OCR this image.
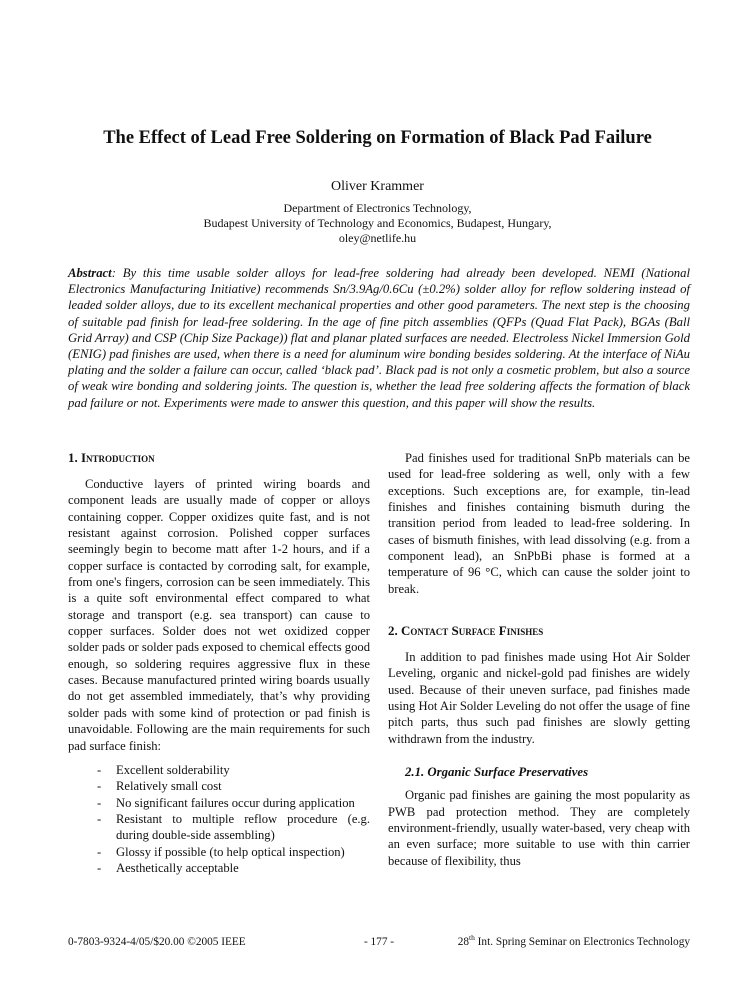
The Effect of Lead Free Soldering on Formation of Black Pad Failure
Oliver Krammer
Department of Electronics Technology,
Budapest University of Technology and Economics, Budapest, Hungary,
oley@netlife.hu

Abstract: By this time usable solder alloys for lead-free soldering had already been developed. NEMI (National Electronics Manufacturing Initiative) recommends Sn/3.9Ag/0.6Cu (±0.2%) solder alloy for reflow soldering instead of leaded solder alloys, due to its excellent mechanical properties and other good parameters. The next step is the choosing of suitable pad finish for lead-free soldering. In the age of fine pitch assemblies (QFPs (Quad Flat Pack), BGAs (Ball Grid Array) and CSP (Chip Size Package)) flat and planar plated surfaces are needed. Electroless Nickel Immersion Gold (ENIG) pad finishes are used, when there is a need for aluminum wire bonding besides soldering. At the interface of NiAu plating and the solder a failure can occur, called ‘black pad’. Black pad is not only a cosmetic problem, but also a source of weak wire bonding and soldering joints. The question is, whether the lead free soldering affects the formation of black pad failure or not. Experiments were made to answer this question, and this paper will show the results.

1. Introduction

Conductive layers of printed wiring boards and component leads are usually made of copper or alloys containing copper. Copper oxidizes quite fast, and is not resistant against corrosion. Polished copper surfaces seemingly begin to become matt after 1-2 hours, and if a copper surface is contacted by corroding salt, for example, from one's fingers, corrosion can be seen immediately. This is a quite soft environmental effect compared to what storage and transport (e.g. sea transport) can cause to copper surfaces. Solder does not wet oxidized copper solder pads or solder pads exposed to chemical effects good enough, so soldering requires aggressive flux in these cases. Because manufactured printed wiring boards usually do not get assembled immediately, that’s why providing solder pads with some kind of protection or pad finish is unavoidable. Following are the main requirements for such pad surface finish:

- Excellent solderability
- Relatively small cost
- No significant failures occur during application
- Resistant to multiple reflow procedure (e.g. during double-side assembling)
- Glossy if possible (to help optical inspection)
- Aesthetically acceptable

Pad finishes used for traditional SnPb materials can be used for lead-free soldering as well, only with a few exceptions. Such exceptions are, for example, tin-lead finishes and finishes containing bismuth during the transition period from leaded to lead-free soldering. In cases of bismuth finishes, with lead dissolving (e.g. from a component lead), an SnPbBi phase is formed at a temperature of 96 °C, which can cause the solder joint to break.

2. Contact Surface Finishes

In addition to pad finishes made using Hot Air Solder Leveling, organic and nickel-gold pad finishes are widely used. Because of their uneven surface, pad finishes made using Hot Air Solder Leveling do not offer the usage of fine pitch parts, thus such pad finishes are slowly getting withdrawn from the industry.

2.1. Organic Surface Preservatives

Organic pad finishes are gaining the most popularity as PWB pad protection method. They are completely environment-friendly, usually water-based, very cheap with an even surface; more suitable to use with thin carrier because of flexibility, thus

0-7803-9324-4/05/$20.00 ©2005 IEEE	- 177 -	28th Int. Spring Seminar on Electronics Technology
